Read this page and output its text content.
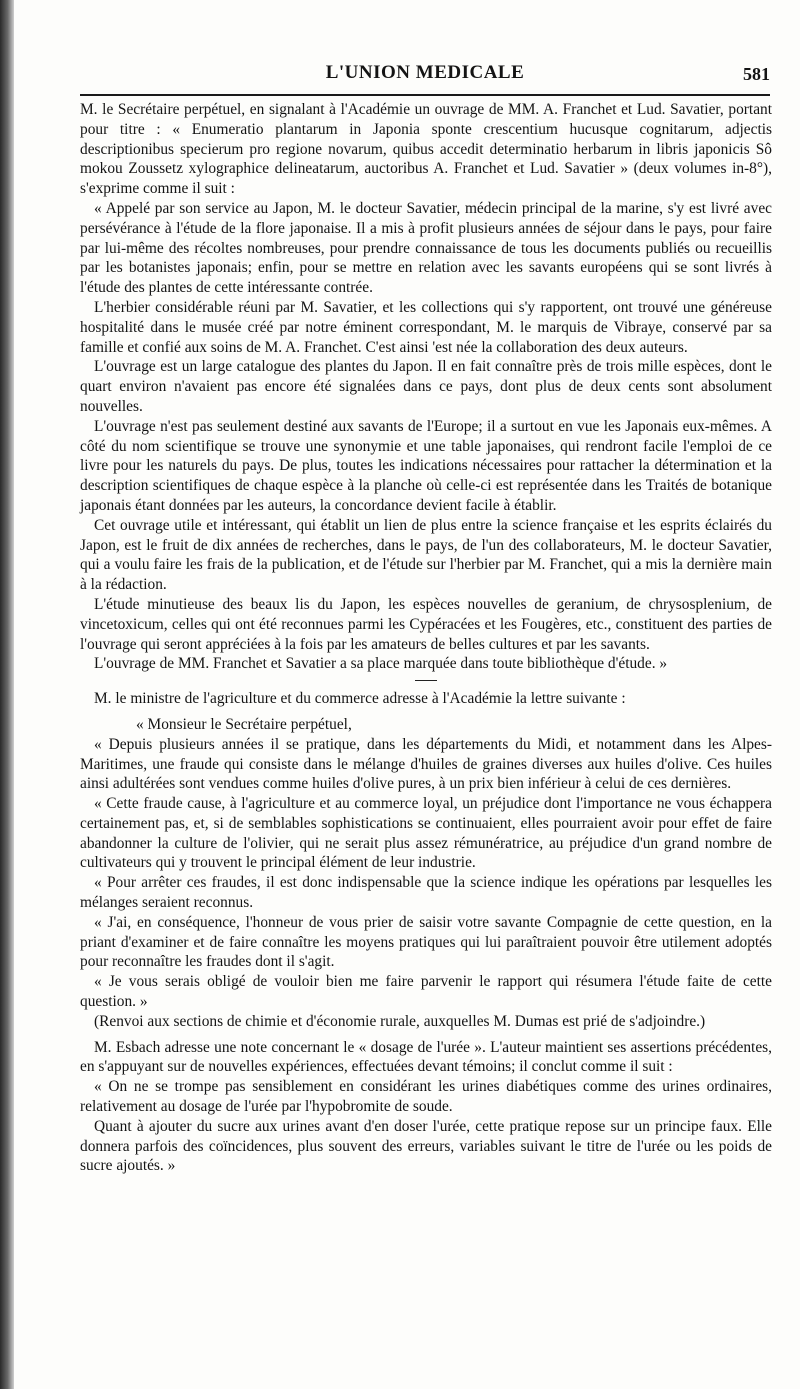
L'UNION MEDICALE	581

M. le Secrétaire perpétuel, en signalant à l'Académie un ouvrage de MM. A. Franchet et Lud. Savatier, portant pour titre : « Enumeratio plantarum in Japonia sponte crescentium hucusque cognitarum, adjectis descriptionibus specierum pro regione novarum, quibus accedit determinatio herbarum in libris japonicis Sô mokou Zoussetz xylographice delineatarum, auctoribus A. Franchet et Lud. Savatier » (deux volumes in-8°), s'exprime comme il suit :

« Appelé par son service au Japon, M. le docteur Savatier, médecin principal de la marine, s'y est livré avec persévérance à l'étude de la flore japonaise. Il a mis à profit plusieurs années de séjour dans le pays, pour faire par lui-même des récoltes nombreuses, pour prendre connaissance de tous les documents publiés ou recueillis par les botanistes japonais; enfin, pour se mettre en relation avec les savants européens qui se sont livrés à l'étude des plantes de cette intéressante contrée.

L'herbier considérable réuni par M. Savatier, et les collections qui s'y rapportent, ont trouvé une généreuse hospitalité dans le musée créé par notre éminent correspondant, M. le marquis de Vibraye, conservé par sa famille et confié aux soins de M. A. Franchet. C'est ainsi 'est née la collaboration des deux auteurs.

L'ouvrage est un large catalogue des plantes du Japon. Il en fait connaître près de trois mille espèces, dont le quart environ n'avaient pas encore été signalées dans ce pays, dont plus de deux cents sont absolument nouvelles.

L'ouvrage n'est pas seulement destiné aux savants de l'Europe; il a surtout en vue les Japonais eux-mêmes. A côté du nom scientifique se trouve une synonymie et une table japonaises, qui rendront facile l'emploi de ce livre pour les naturels du pays. De plus, toutes les indications nécessaires pour rattacher la détermination et la description scientifiques de chaque espèce à la planche où celle-ci est représentée dans les Traités de botanique japonais étant données par les auteurs, la concordance devient facile à établir.

Cet ouvrage utile et intéressant, qui établit un lien de plus entre la science française et les esprits éclairés du Japon, est le fruit de dix années de recherches, dans le pays, de l'un des collaborateurs, M. le docteur Savatier, qui a voulu faire les frais de la publication, et de l'étude sur l'herbier par M. Franchet, qui a mis la dernière main à la rédaction.

L'étude minutieuse des beaux lis du Japon, les espèces nouvelles de geranium, de chrysosplenium, de vincetoxicum, celles qui ont été reconnues parmi les Cypéracées et les Fougères, etc., constituent des parties de l'ouvrage qui seront appréciées à la fois par les amateurs de belles cultures et par les savants.

L'ouvrage de MM. Franchet et Savatier a sa place marquée dans toute bibliothèque d'étude. »

M. le ministre de l'agriculture et du commerce adresse à l'Académie la lettre suivante :

« Monsieur le Secrétaire perpétuel,

« Depuis plusieurs années il se pratique, dans les départements du Midi, et notamment dans les Alpes-Maritimes, une fraude qui consiste dans le mélange d'huiles de graines diverses aux huiles d'olive. Ces huiles ainsi adultérées sont vendues comme huiles d'olive pures, à un prix bien inférieur à celui de ces dernières.

« Cette fraude cause, à l'agriculture et au commerce loyal, un préjudice dont l'importance ne vous échappera certainement pas, et, si de semblables sophistications se continuaient, elles pourraient avoir pour effet de faire abandonner la culture de l'olivier, qui ne serait plus assez rémunératrice, au préjudice d'un grand nombre de cultivateurs qui y trouvent le principal élément de leur industrie.

« Pour arrêter ces fraudes, il est donc indispensable que la science indique les opérations par lesquelles les mélanges seraient reconnus.

« J'ai, en conséquence, l'honneur de vous prier de saisir votre savante Compagnie de cette question, en la priant d'examiner et de faire connaître les moyens pratiques qui lui paraîtraient pouvoir être utilement adoptés pour reconnaître les fraudes dont il s'agit.

« Je vous serais obligé de vouloir bien me faire parvenir le rapport qui résumera l'étude faite de cette question. »

(Renvoi aux sections de chimie et d'économie rurale, auxquelles M. Dumas est prié de s'adjoindre.)

M. Esbach adresse une note concernant le « dosage de l'urée ». L'auteur maintient ses assertions précédentes, en s'appuyant sur de nouvelles expériences, effectuées devant témoins; il conclut comme il suit :

« On ne se trompe pas sensiblement en considérant les urines diabétiques comme des urines ordinaires, relativement au dosage de l'urée par l'hypobromite de soude.

Quant à ajouter du sucre aux urines avant d'en doser l'urée, cette pratique repose sur un principe faux. Elle donnera parfois des coïncidences, plus souvent des erreurs, variables suivant le titre de l'urée ou les poids de sucre ajoutés. »
